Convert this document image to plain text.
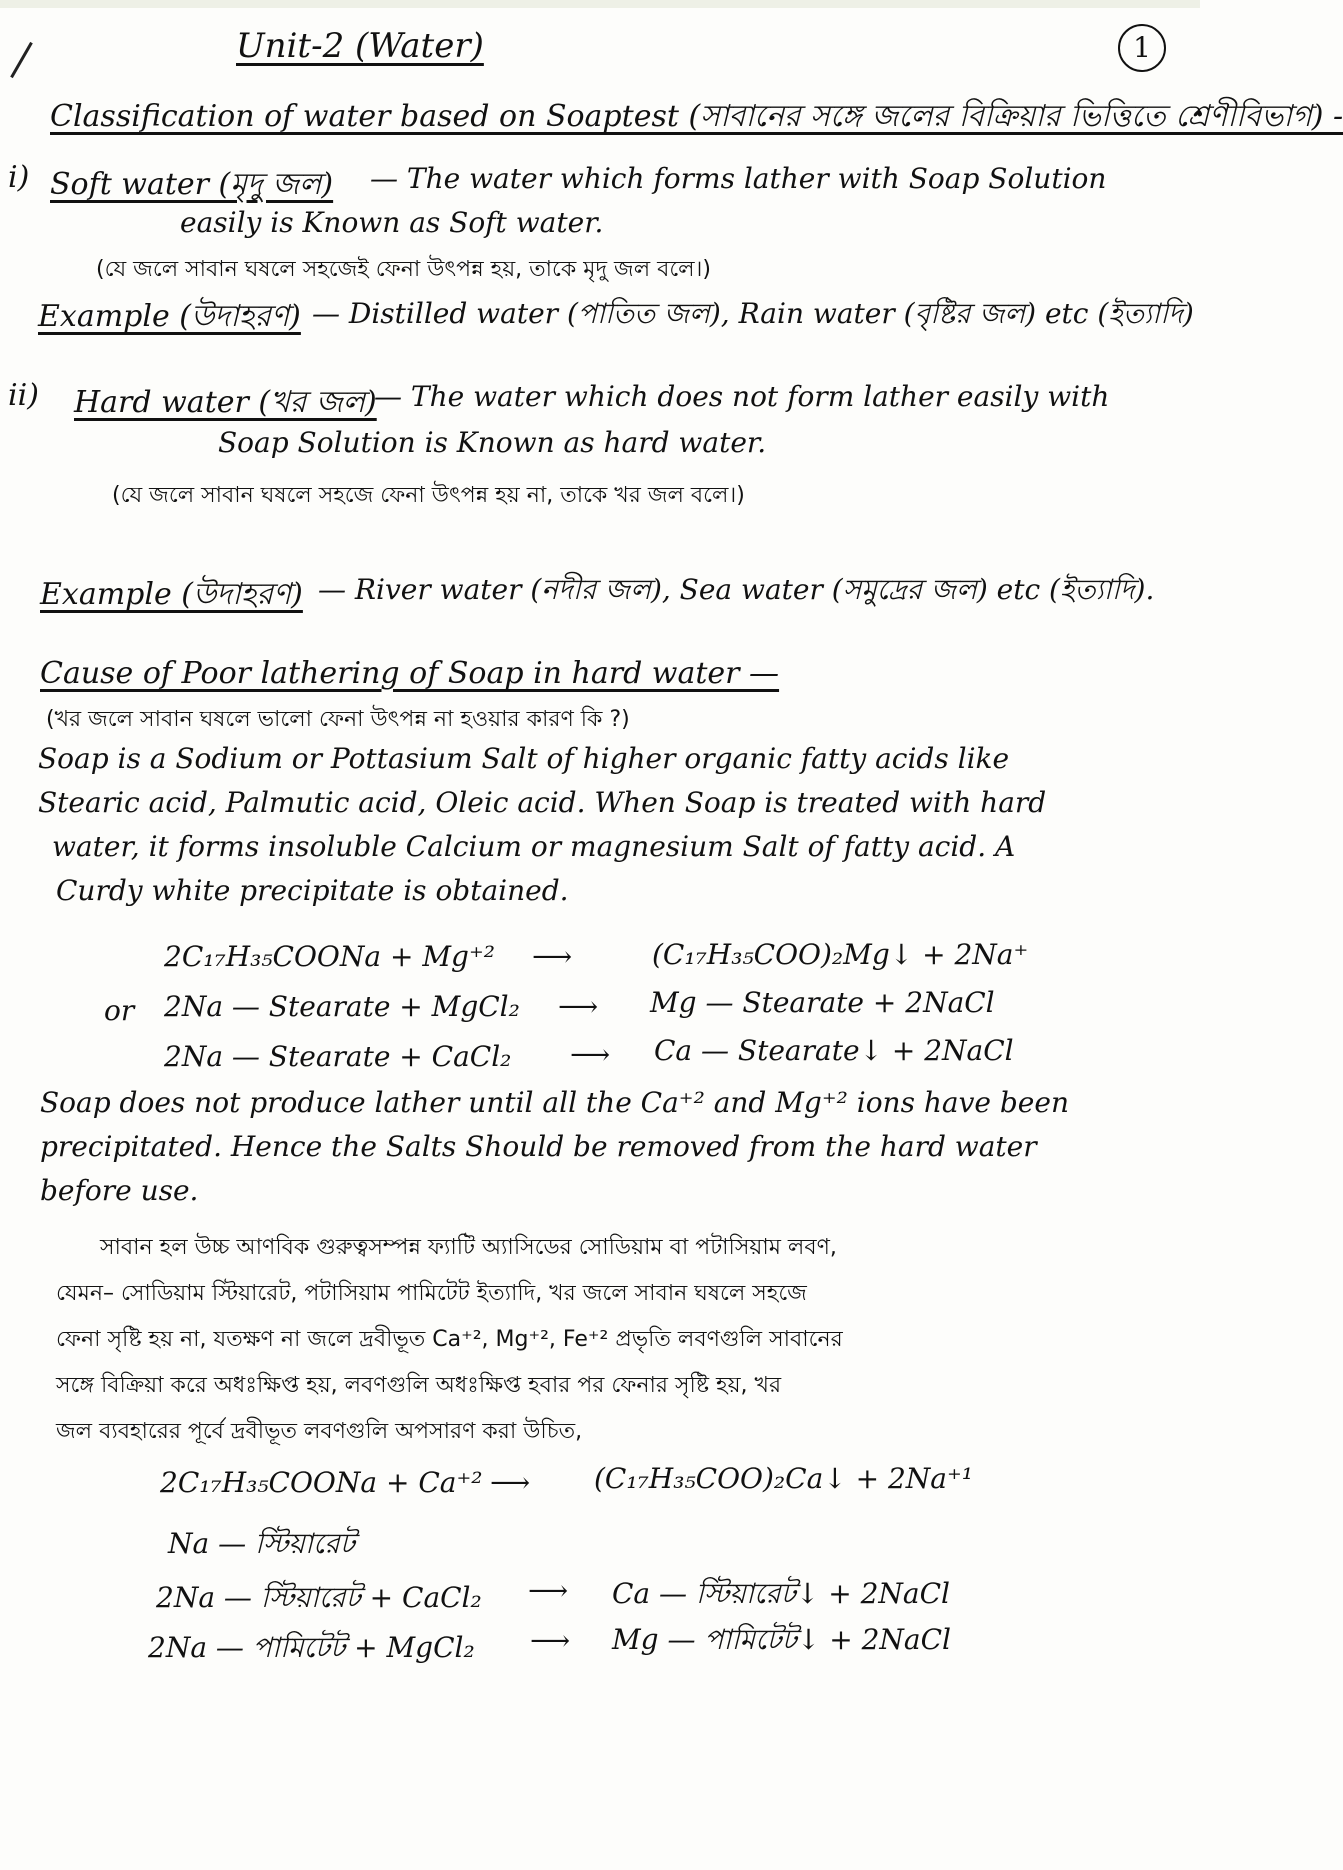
Unit-2 (Water)	1
Classification of water based on Soaptest (সাবানের সঙ্গে জলের বিক্রিয়ার ভিত্তিতে শ্রেণীবিভাগ) -
i) Soft water (মৃদু জল) — The water which forms lather with Soap Solution
easily is Known as Soft water.
(যে জলে সাবান ঘষলে সহজেই ফেনা উৎপন্ন হয়, তাকে মৃদু জল বলে।)
Example (উদাহরণ) — Distilled water (পাতিত জল), Rain water (বৃষ্টির জল) etc (ইত্যাদি)
ii) Hard water (খর জল)
— The water which does not form lather easily with
Soap Solution is Known as hard water.
(যে জলে সাবান ঘষলে সহজে ফেনা উৎপন্ন হয় না, তাকে খর জল বলে।)
Example (উদাহরণ) — River water (নদীর জল), Sea water (সমুদ্রের জল) etc (ইত্যাদি).
Cause of Poor lathering of Soap in hard water —
(খর জলে সাবান ঘষলে ভালো ফেনা উৎপন্ন না হওয়ার কারণ কি ?)
Soap is a Sodium or Pottasium Salt of higher organic fatty acids like
Stearic acid, Palmutic acid, Oleic acid. When Soap is treated with hard
water, it forms insoluble Calcium or magnesium Salt of fatty acid. A
Curdy white precipitate is obtained.
2C₁₇H₃₅COONa + Mg⁺² ⟶	(C₁₇H₃₅COO)₂Mg↓ + 2Na⁺
or 2Na — Stearate + MgCl₂ ⟶ Mg — Stearate + 2NaCl
2Na — Stearate + CaCl₂ ⟶ Ca — Stearate↓ + 2NaCl
Soap does not produce lather until all the Ca⁺² and Mg⁺² ions have been
precipitated. Hence the Salts Should be removed from the hard water
before use.
সাবান হল উচ্চ আণবিক গুরুত্বসম্পন্ন ফ্যাটি অ্যাসিডের সোডিয়াম বা পটাসিয়াম লবণ,
যেমন– সোডিয়াম স্টিয়ারেট, পটাসিয়াম পামিটেট ইত্যাদি, খর জলে সাবান ঘষলে সহজে
ফেনা সৃষ্টি হয় না, যতক্ষণ না জলে দ্রবীভূত Ca⁺², Mg⁺², Fe⁺² প্রভৃতি লবণগুলি সাবানের
সঙ্গে বিক্রিয়া করে অধঃক্ষিপ্ত হয়, লবণগুলি অধঃক্ষিপ্ত হবার পর ফেনার সৃষ্টি হয়, খর
জল ব্যবহারের পূর্বে দ্রবীভূত লবণগুলি অপসারণ করা উচিত,
2C₁₇H₃₅COONa + Ca⁺² ⟶ (C₁₇H₃₅COO)₂Ca↓ + 2Na⁺¹
Na — স্টিয়ারেট
2Na — স্টিয়ারেট + CaCl₂ ⟶ Ca — স্টিয়ারেট↓ + 2NaCl
2Na — পামিটেট + MgCl₂ ⟶ Mg — পামিটেট↓ + 2NaCl
